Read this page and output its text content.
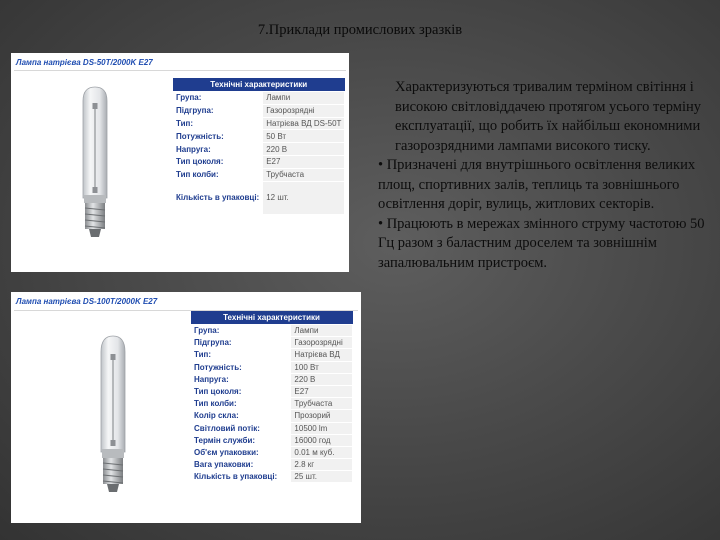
7.Приклади промислових зразків
Лампа натрієва DS-50T/2000K E27
Технічні характеристики	
Група:	Лампи
Підгрупа:	Газорозрядні
Тип:	Натрієва ВД DS-50T
Потужність:	50 Вт
Напруга:	220 В
Тип цоколя:	E27
Тип колби:	Трубчаста
Кількість в упаковці:	12 шт.
Лампа натрієва DS-100T/2000K E27
Технічні характеристики	
Група:	Лампи
Підгрупа:	Газорозрядні
Тип:	Натрієва ВД
Потужність:	100 Вт
Напруга:	220 В
Тип цоколя:	E27
Тип колби:	Трубчаста
Колір скла:	Прозорий
Світловий потік:	10500 lm
Термін служби:	16000 год
Об'єм упаковки:	0.01 м куб.
Вага упаковки:	2.8 кг
Кількість в упаковці:	25 шт.

Характеризуються тривалим терміном світіння і високою світловіддачею протягом усього терміну експлуатації, що робить їх найбільш економними газорозрядними лампами високого тиску.

• Призначені для внутрішнього освітлення великих площ, спортивних залів, теплиць та зовнішнього освітлення доріг, вулиць, житлових секторів.

• Працюють в мережах змінного струму частотою 50 Гц разом з баластним дроселем та зовнішнім запалювальним пристроєм.
